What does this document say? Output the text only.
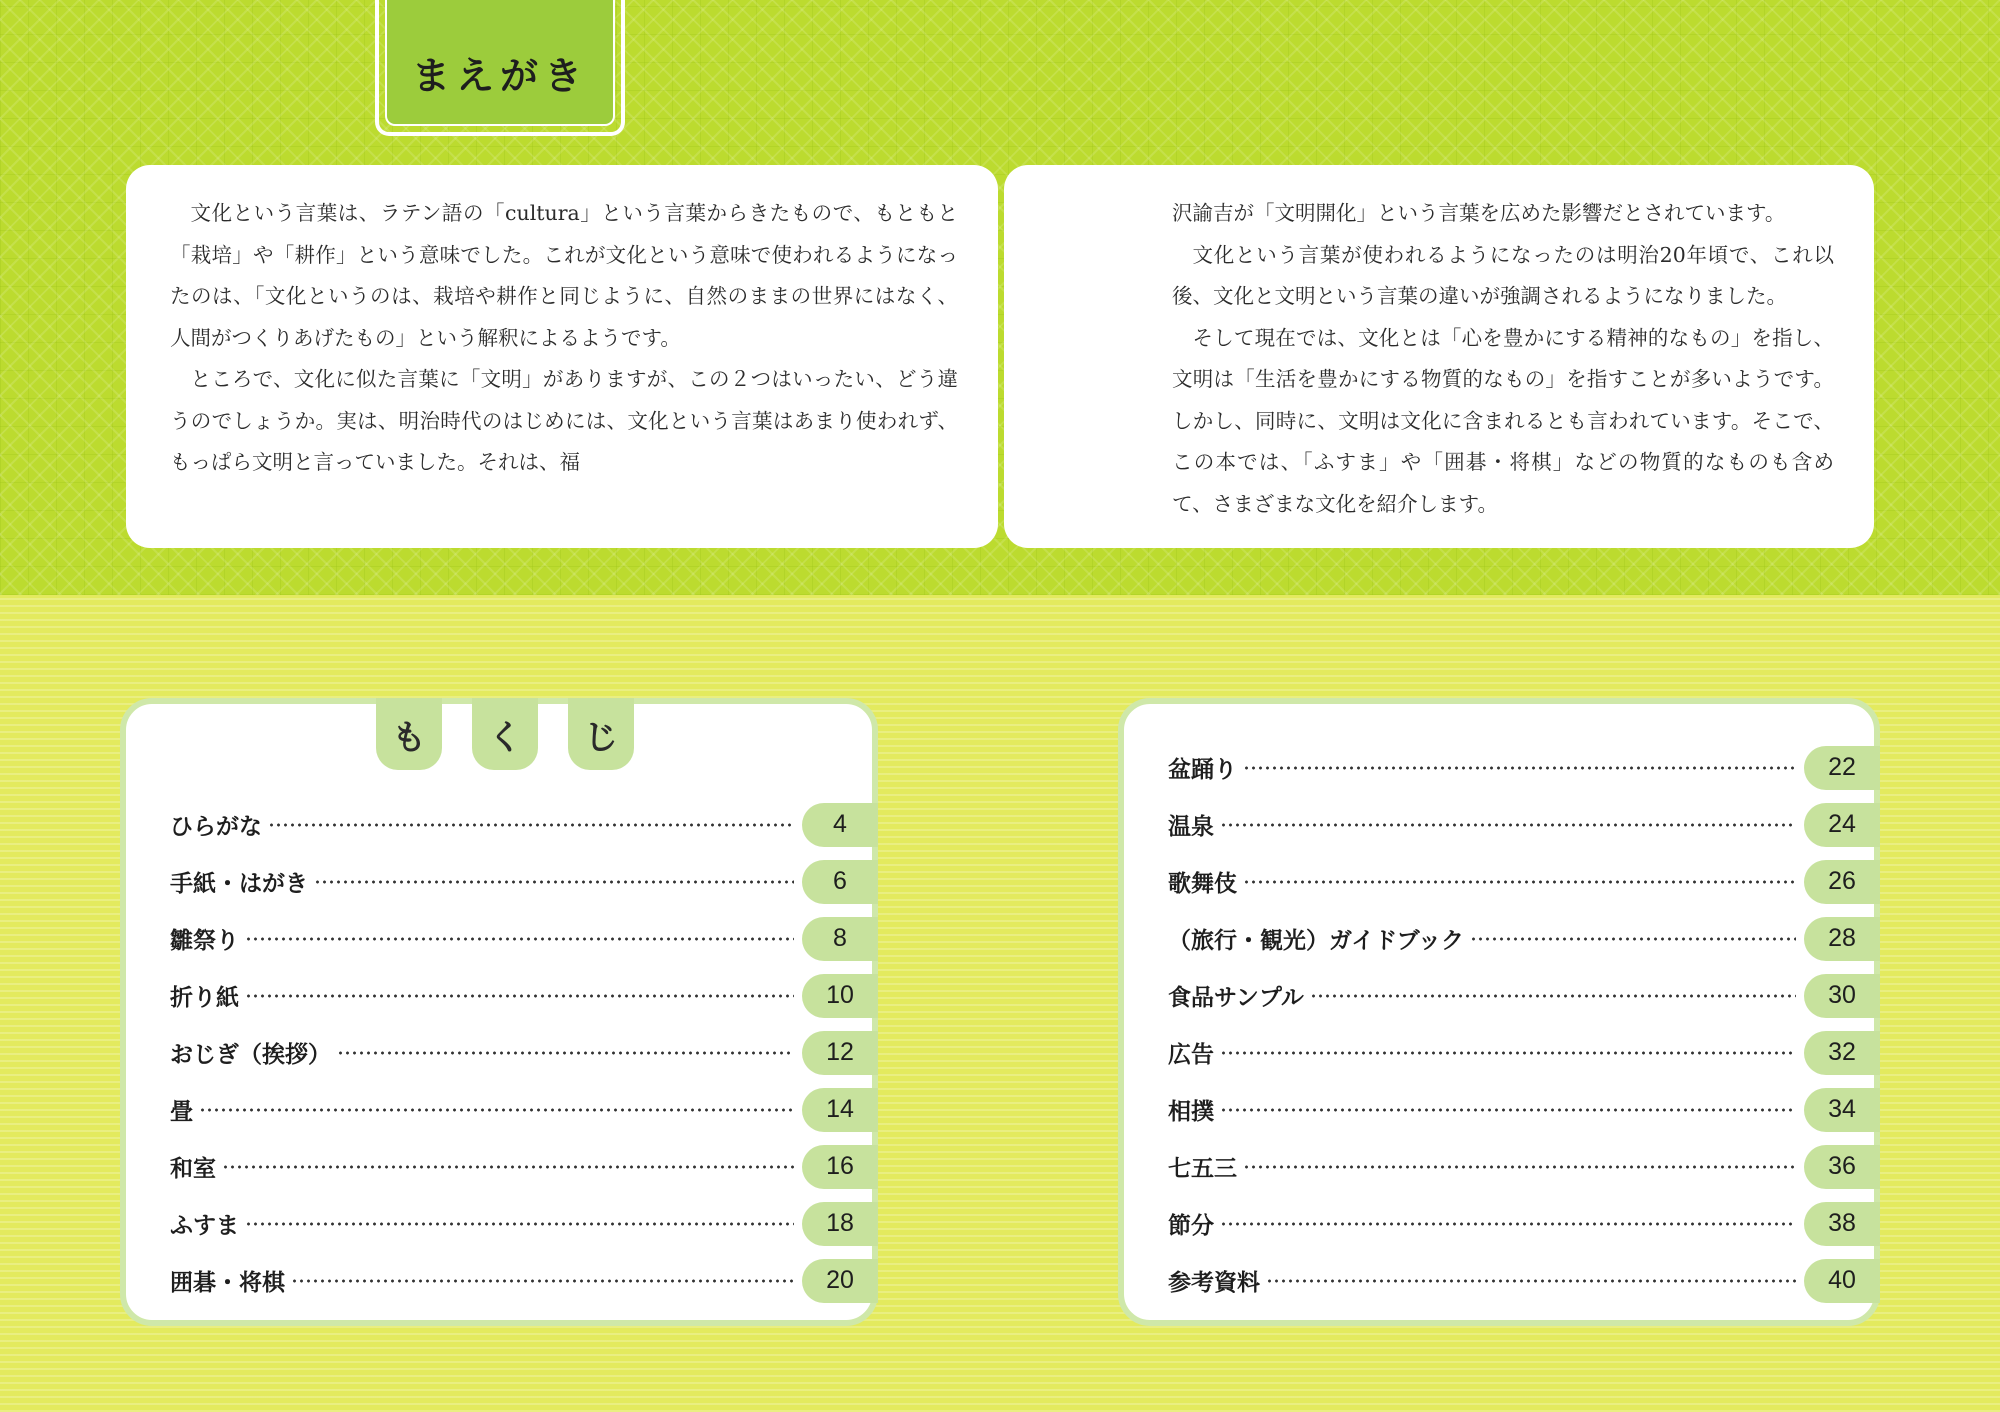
まえがき

文化という言葉は、ラテン語の「cultura」という言葉からきたもので、もともと「栽培」や「耕作」という意味でした。これが文化という意味で使われるようになったのは、「文化というのは、栽培や耕作と同じように、自然のままの世界にはなく、人間がつくりあげたもの」という解釈によるようです。

ところで、文化に似た言葉に「文明」がありますが、この２つはいったい、どう違うのでしょうか。実は、明治時代のはじめには、文化という言葉はあまり使われず、もっぱら文明と言っていました。それは、福

沢諭吉が「文明開化」という言葉を広めた影響だとされています。

文化という言葉が使われるようになったのは明治20年頃で、これ以後、文化と文明という言葉の違いが強調されるようになりました。

そして現在では、文化とは「心を豊かにする精神的なもの」を指し、文明は「生活を豊かにする物質的なもの」を指すことが多いようです。しかし、同時に、文明は文化に含まれるとも言われています。そこで、この本では、「ふすま」や「囲碁・将棋」などの物質的なものも含めて、さまざまな文化を紹介します。

も	く	じ
ひらがな	4
手紙・はがき	6
雛祭り	8
折り紙	10
おじぎ（挨拶）	12
畳	14
和室	16
ふすま	18
囲碁・将棋	20
盆踊り	22
温泉	24
歌舞伎	26
（旅行・観光）ガイドブック	28
食品サンプル	30
広告	32
相撲	34
七五三	36
節分	38
参考資料	40
